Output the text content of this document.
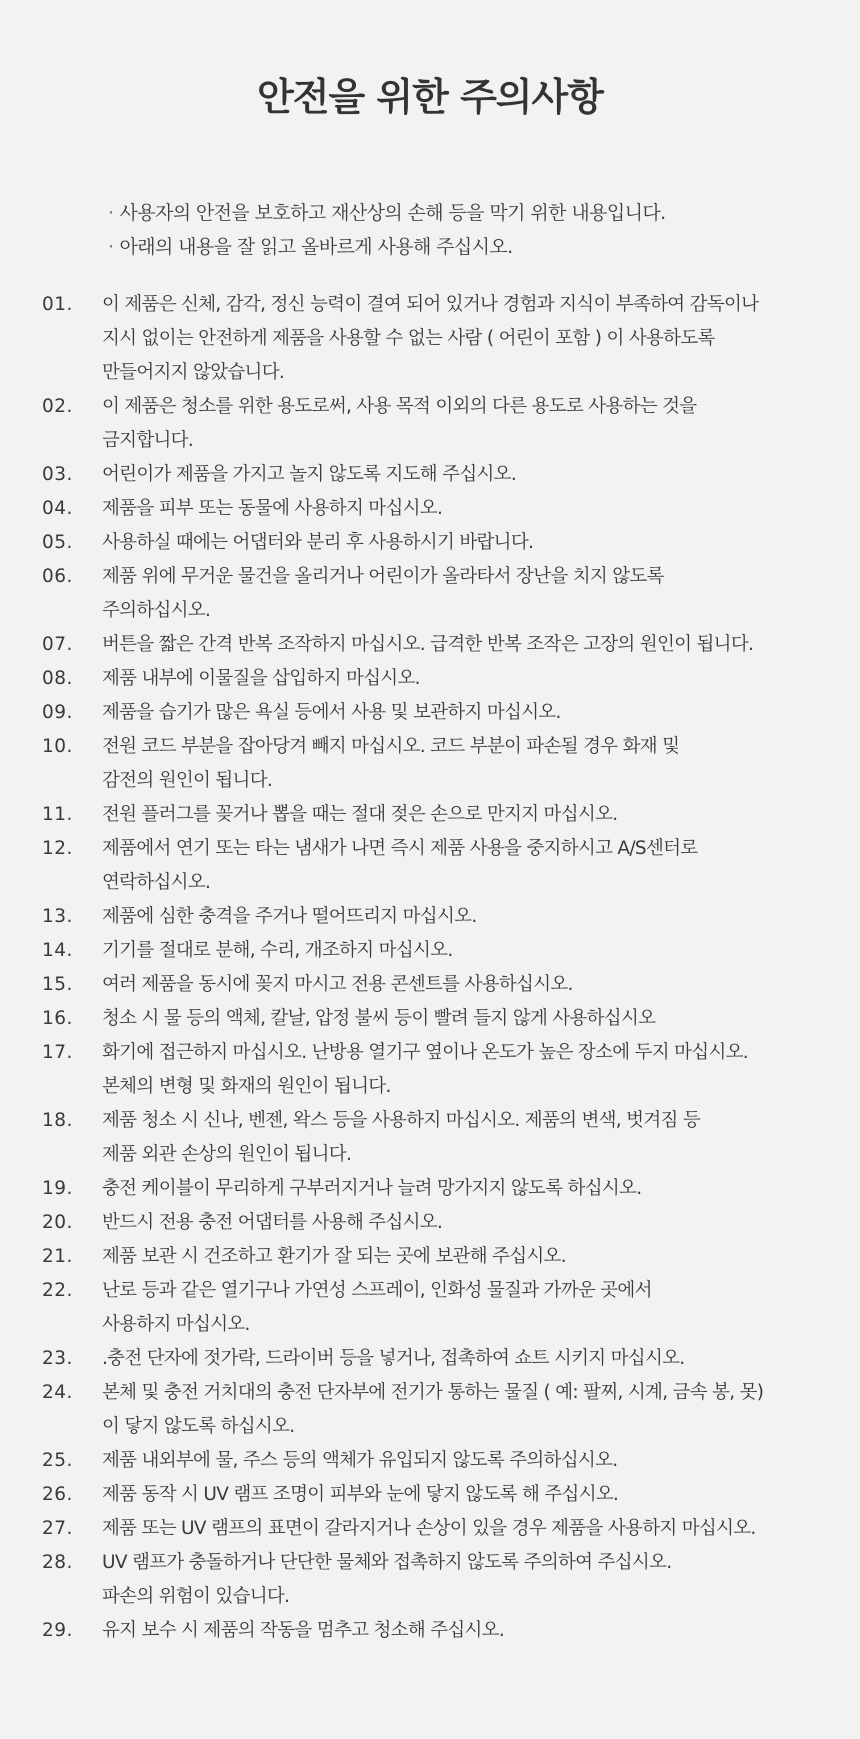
안전을 위한 주의사항
· 사용자의 안전을 보호하고 재산상의 손해 등을 막기 위한 내용입니다.
· 아래의 내용을 잘 읽고 올바르게 사용해 주십시오.
01.	이 제품은 신체, 감각, 정신 능력이 결여 되어 있거나 경험과 지식이 부족하여 감독이나
지시 없이는 안전하게 제품을 사용할 수 없는 사람 ( 어린이 포함 ) 이 사용하도록
만들어지지 않았습니다.
02.	이 제품은 청소를 위한 용도로써, 사용 목적 이외의 다른 용도로 사용하는 것을
금지합니다.
03.	어린이가 제품을 가지고 놀지 않도록 지도해 주십시오.
04.	제품을 피부 또는 동물에 사용하지 마십시오.
05.	사용하실 때에는 어댑터와 분리 후 사용하시기 바랍니다.
06.	제품 위에 무거운 물건을 올리거나 어린이가 올라타서 장난을 치지 않도록
주의하십시오.
07.	버튼을 짧은 간격 반복 조작하지 마십시오. 급격한 반복 조작은 고장의 원인이 됩니다.
08.	제품 내부에 이물질을 삽입하지 마십시오.
09.	제품을 습기가 많은 욕실 등에서 사용 및 보관하지 마십시오.
10.	전원 코드 부분을 잡아당겨 빼지 마십시오. 코드 부분이 파손될 경우 화재 및
감전의 원인이 됩니다.
11.	전원 플러그를 꽂거나 뽑을 때는 절대 젖은 손으로 만지지 마십시오.
12.	제품에서 연기 또는 타는 냄새가 나면 즉시 제품 사용을 중지하시고 A/S센터로
연락하십시오.
13.	제품에 심한 충격을 주거나 떨어뜨리지 마십시오.
14.	기기를 절대로 분해, 수리, 개조하지 마십시오.
15.	여러 제품을 동시에 꽂지 마시고 전용 콘센트를 사용하십시오.
16.	청소 시 물 등의 액체, 칼날, 압정 불씨 등이 빨려 들지 않게 사용하십시오
17.	화기에 접근하지 마십시오. 난방용 열기구 옆이나 온도가 높은 장소에 두지 마십시오.
본체의 변형 및 화재의 원인이 됩니다.
18.	제품 청소 시 신나, 벤젠, 왁스 등을 사용하지 마십시오. 제품의 변색, 벗겨짐 등
제품 외관 손상의 원인이 됩니다.
19.	충전 케이블이 무리하게 구부러지거나 늘려 망가지지 않도록 하십시오.
20.	반드시 전용 충전 어댑터를 사용해 주십시오.
21.	제품 보관 시 건조하고 환기가 잘 되는 곳에 보관해 주십시오.
22.	난로 등과 같은 열기구나 가연성 스프레이, 인화성 물질과 가까운 곳에서
사용하지 마십시오.
23.	.충전 단자에 젓가락, 드라이버 등을 넣거나, 접촉하여 쇼트 시키지 마십시오.
24.	본체 및 충전 거치대의 충전 단자부에 전기가 통하는 물질 ( 예: 팔찌, 시계, 금속 봉, 못)
이 닿지 않도록 하십시오.
25.	제품 내외부에 물, 주스 등의 액체가 유입되지 않도록 주의하십시오.
26.	제품 동작 시 UV 램프 조명이 피부와 눈에 닿지 않도록 해 주십시오.
27.	제품 또는 UV 램프의 표면이 갈라지거나 손상이 있을 경우 제품을 사용하지 마십시오.
28.	UV 램프가 충돌하거나 단단한 물체와 접촉하지 않도록 주의하여 주십시오.
파손의 위험이 있습니다.
29.	유지 보수 시 제품의 작동을 멈추고 청소해 주십시오.
